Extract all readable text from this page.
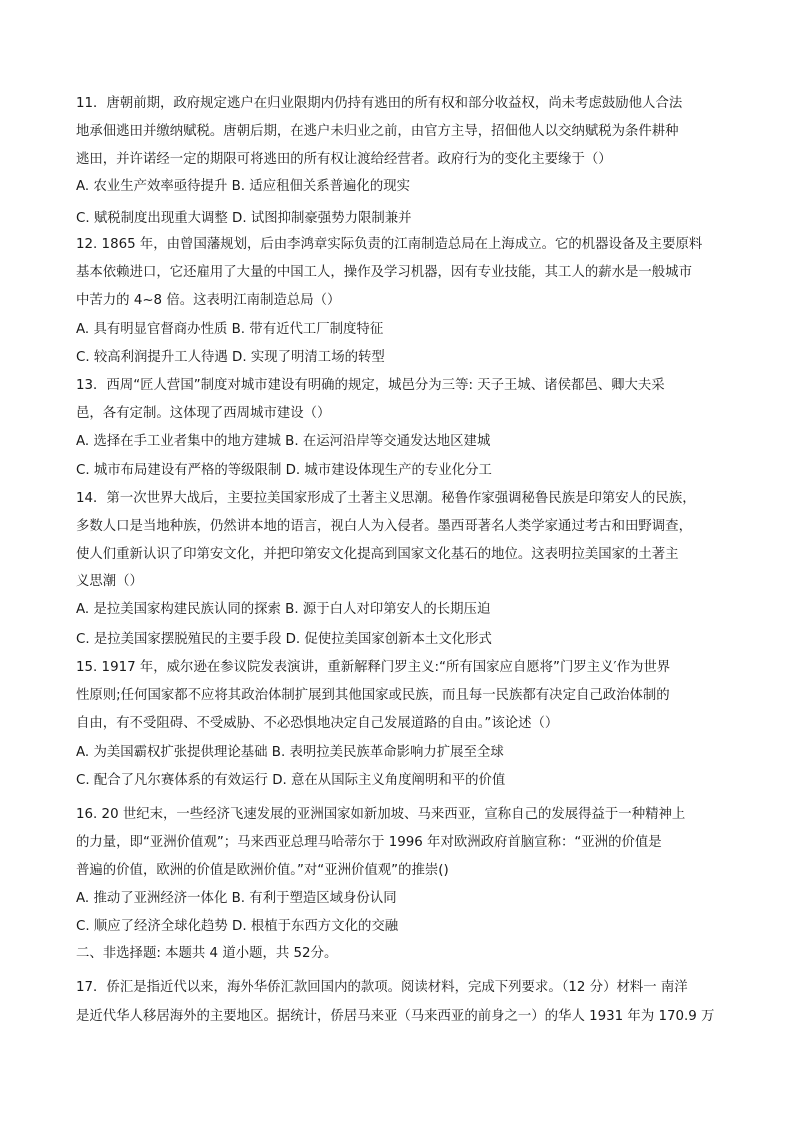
11．唐朝前期，政府规定逃户在归业限期内仍持有逃田的所有权和部分收益权，尚未考虑鼓励他人合法
地承佃逃田并缴纳赋税。唐朝后期，在逃户未归业之前，由官方主导，招佃他人以交纳赋税为条件耕种
逃田，并许诺经一定的期限可将逃田的所有权让渡给经营者。政府行为的变化主要缘于（）
A. 农业生产效率亟待提升 B. 适应租佃关系普遍化的现实
C. 赋税制度出现重大调整 D. 试图抑制豪强势力限制兼并
12. 1865 年，由曾国藩规划，后由李鸿章实际负责的江南制造总局在上海成立。它的机器设备及主要原料
基本依赖进口，它还雇用了大量的中国工人，操作及学习机器，因有专业技能，其工人的薪水是一般城市
中苦力的 4~8 倍。这表明江南制造总局（）
A. 具有明显官督商办性质 B. 带有近代工厂制度特征
C. 较高利润提升工人待遇 D. 实现了明清工场的转型
13．西周“匠人营国”制度对城市建设有明确的规定，城邑分为三等: 天子王城、诸侯都邑、卿大夫采
邑，各有定制。这体现了西周城市建设（）
A. 选择在手工业者集中的地方建城 B. 在运河沿岸等交通发达地区建城
C. 城市布局建设有严格的等级限制 D. 城市建设体现生产的专业化分工
14．第一次世界大战后，主要拉美国家形成了土著主义思潮。秘鲁作家强调秘鲁民族是印第安人的民族，
多数人口是当地种族，仍然讲本地的语言，视白人为入侵者。墨西哥著名人类学家通过考古和田野调查，
使人们重新认识了印第安文化，并把印第安文化提高到国家文化基石的地位。这表明拉美国家的土著主
义思潮（）
A. 是拉美国家构建民族认同的探索 B. 源于白人对印第安人的长期压迫
C. 是拉美国家摆脱殖民的主要手段 D. 促使拉美国家创新本土文化形式
15. 1917 年，威尔逊在参议院发表演讲，重新解释门罗主义:“所有国家应自愿将”门罗主义′作为世界
性原则;任何国家都不应将其政治体制扩展到其他国家或民族，而且每一民族都有决定自己政治体制的
自由，有不受阻碍、不受威胁、不必恐惧地决定自己发展道路的自由。”该论述（）
A. 为美国霸权扩张提供理论基础 B. 表明拉美民族革命影响力扩展至全球
C. 配合了凡尔赛体系的有效运行 D. 意在从国际主义角度阐明和平的价值
16. 20 世纪末，一些经济飞速发展的亚洲国家如新加坡、马来西亚，宣称自己的发展得益于一种精神上
的力量，即“亚洲价值观”；马来西亚总理马哈蒂尔于 1996 年对欧洲政府首脑宣称：“亚洲的价值是
普遍的价值，欧洲的价值是欧洲价值。”对“亚洲价值观”的推崇()
A. 推动了亚洲经济一体化 B. 有利于塑造区域身份认同
C. 顺应了经济全球化趋势 D. 根植于东西方文化的交融
二、非选择题: 本题共 4 道小题，共 52分。
17．侨汇是指近代以来，海外华侨汇款回国内的款项。阅读材料，完成下列要求。（12 分）材料一 南洋
是近代华人移居海外的主要地区。据统计，侨居马来亚（马来西亚的前身之一）的华人 1931 年为 170.9 万
